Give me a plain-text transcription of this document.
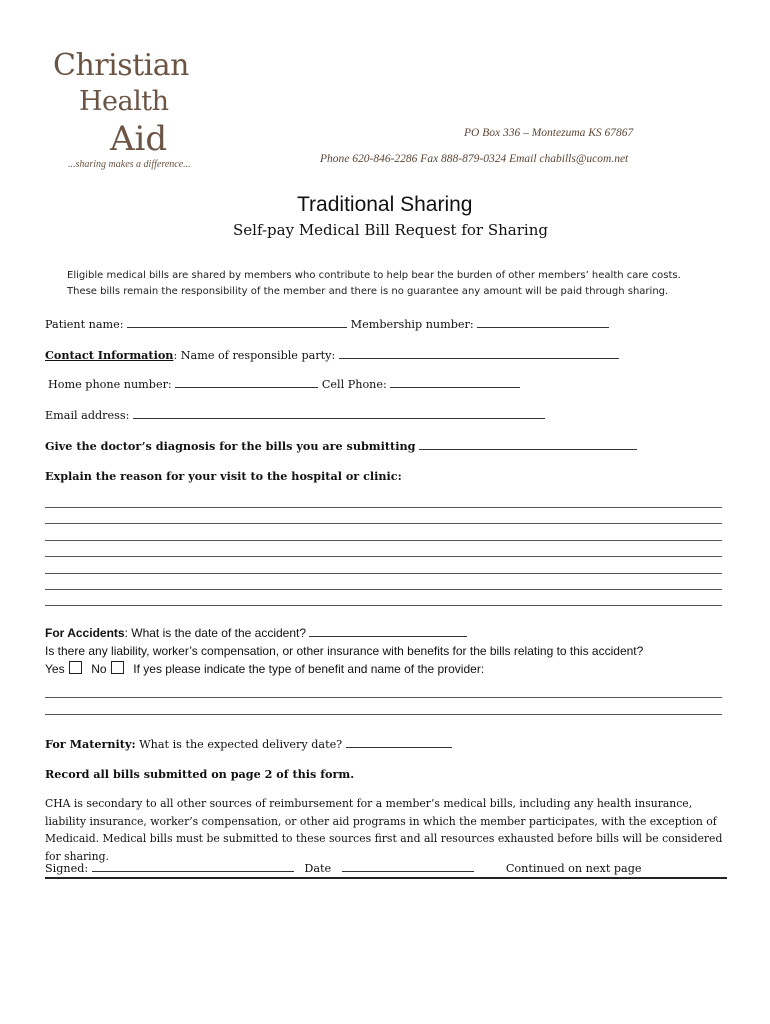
Christian
Health
Aid
...sharing makes a difference...
PO Box 336 – Montezuma KS 67867
Phone 620-846-2286 Fax 888-879-0324 Email chabills@ucom.net
Traditional Sharing
Self-pay Medical Bill Request for Sharing
Eligible medical bills are shared by members who contribute to help bear the burden of other members’ health care costs.
These bills remain the responsibility of the member and there is no guarantee any amount will be paid through sharing.
Patient name:	Membership number:
Contact Information: Name of responsible party:
Home phone number:	Cell Phone:
Email address:
Give the doctor’s diagnosis for the bills you are submitting
Explain the reason for your visit to the hospital or clinic:
For Accidents: What is the date of the accident?
Is there any liability, worker’s compensation, or other insurance with benefits for the bills relating to this accident?
Yes No If yes please indicate the type of benefit and name of the provider:
For Maternity: What is the expected delivery date?
Record all bills submitted on page 2 of this form.
CHA is secondary to all other sources of reimbursement for a member’s medical bills, including any health insurance, liability insurance, worker’s compensation, or other aid programs in which the member participates, with the exception of Medicaid. Medical bills must be submitted to these sources first and all resources exhausted before bills will be considered for sharing.
Signed:	Date	Continued on next page
